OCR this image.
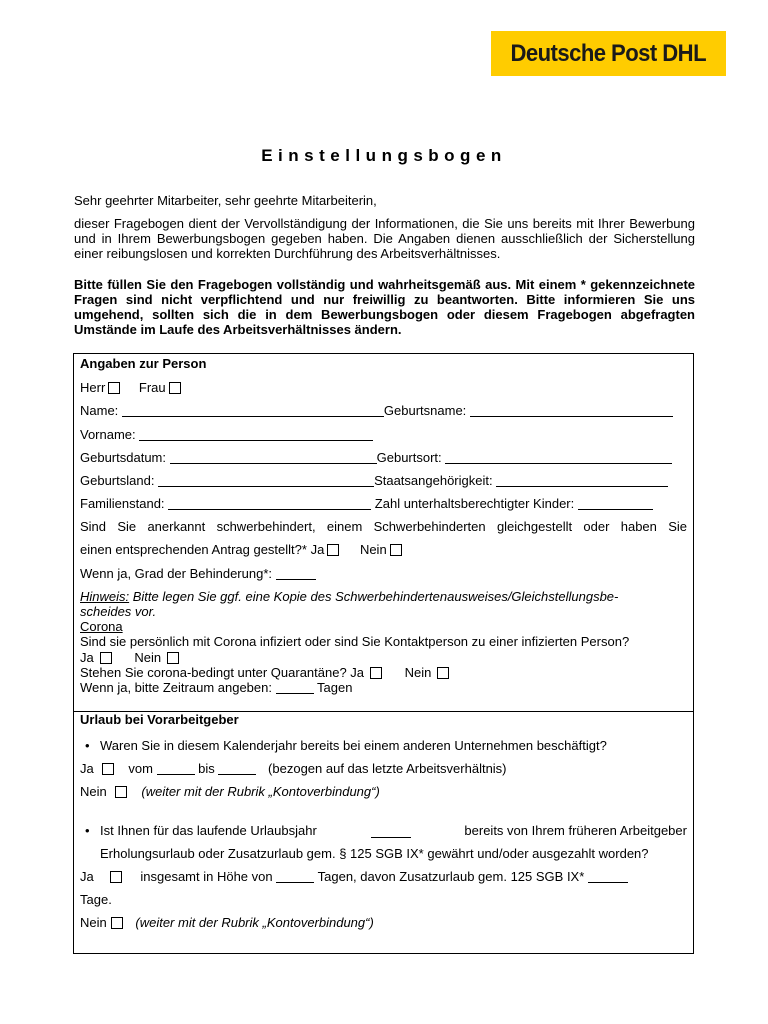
Deutsche Post DHL
Einstellungsbogen
Sehr geehrter Mitarbeiter, sehr geehrte Mitarbeiterin,
dieser Fragebogen dient der Vervollständigung der Informationen, die Sie uns bereits mit Ihrer Bewerbung und in Ihrem Bewerbungsbogen gegeben haben. Die Angaben dienen ausschließlich der Sicherstellung einer reibungslosen und korrekten Durchführung des Arbeitsverhältnisses.
Bitte füllen Sie den Fragebogen vollständig und wahrheitsgemäß aus. Mit einem * gekennzeichnete Fragen sind nicht verpflichtend und nur freiwillig zu beantworten. Bitte informieren Sie uns umgehend, sollten sich die in dem Bewerbungsbogen oder diesem Fragebogen abgefragten Umstände im Laufe des Arbeitsverhältnisses ändern.
Angaben zur Person
Herr	Frau
Name:	Geburtsname:
Vorname:
Geburtsdatum:	Geburtsort:
Geburtsland:	Staatsangehörigkeit:
Familienstand:	Zahl unterhaltsberechtigter Kinder:
Sind Sie anerkannt schwerbehindert, einem Schwerbehinderten gleichgestellt oder haben Sie
einen entsprechenden Antrag gestellt?* Ja	Nein
Wenn ja, Grad der Behinderung*:
Hinweis: Bitte legen Sie ggf. eine Kopie des Schwerbehindertenausweises/Gleichstellungsbe-
scheides vor.
Corona
Sind sie persönlich mit Corona infiziert oder sind Sie Kontaktperson zu einer infizierten Person?
Ja	Nein
Stehen Sie corona-bedingt unter Quarantäne? Ja	Nein
Wenn ja, bitte Zeitraum angeben:	Tagen
Urlaub bei Vorarbeitgeber
• Waren Sie in diesem Kalenderjahr bereits bei einem anderen Unternehmen beschäftigt?
Ja	vom	bis	(bezogen auf das letzte Arbeitsverhältnis)
Nein	(weiter mit der Rubrik „Kontoverbindung“)
• Ist Ihnen für das laufende Urlaubsjahr	bereits von Ihrem früheren Arbeitgeber
Erholungsurlaub oder Zusatzurlaub gem. § 125 SGB IX* gewährt und/oder ausgezahlt worden?
Ja	insgesamt in Höhe von	Tagen, davon Zusatzurlaub gem. 125 SGB IX*
Tage.
Nein (weiter mit der Rubrik „Kontoverbindung“)
